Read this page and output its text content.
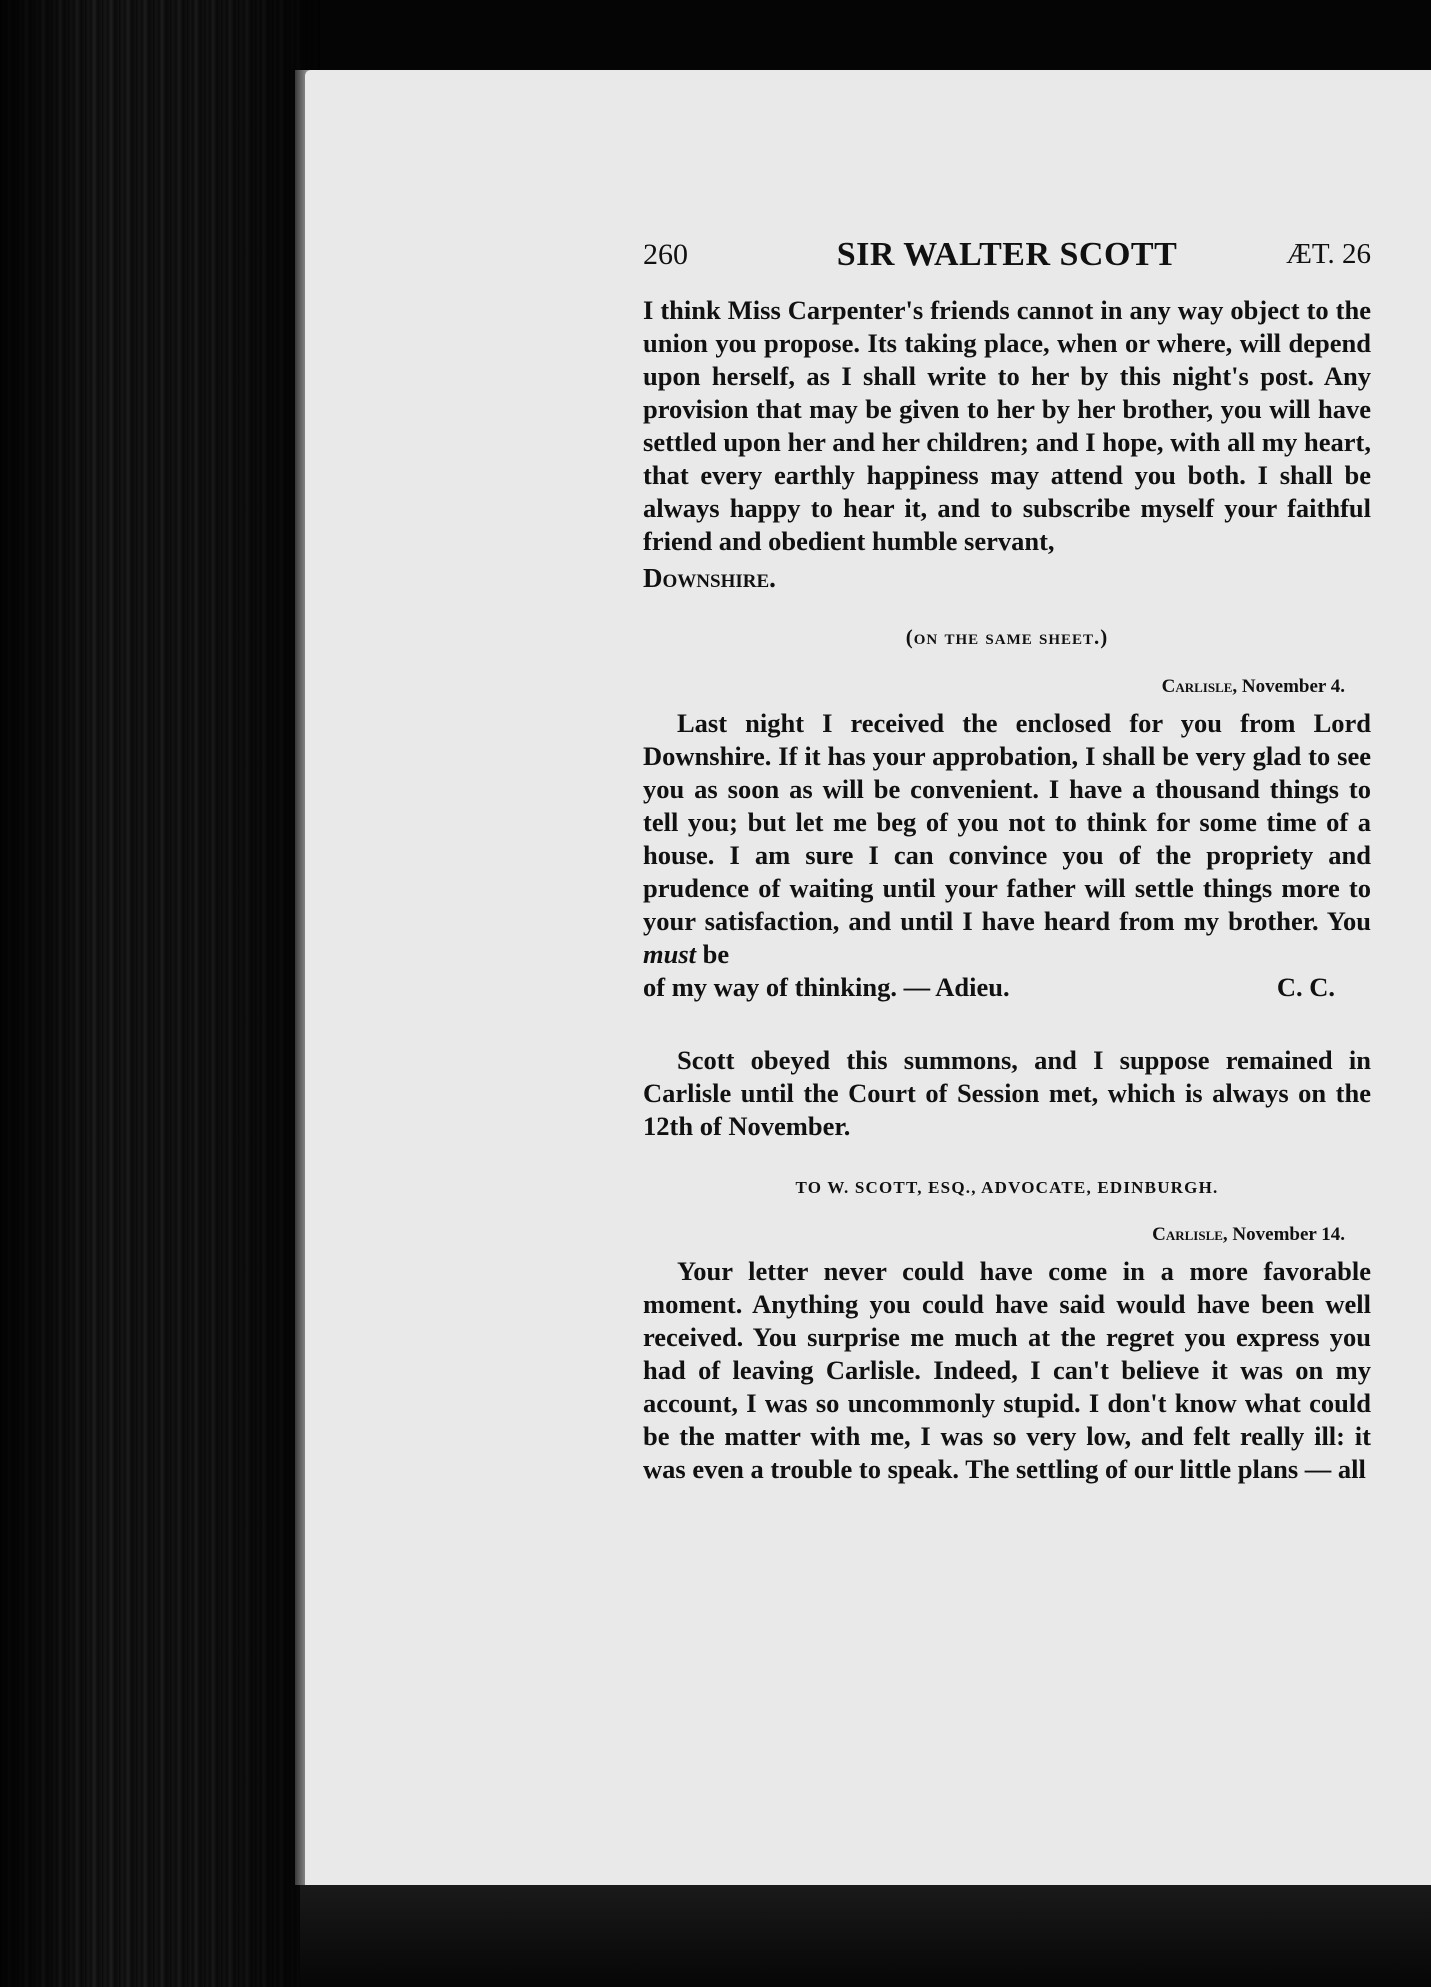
260	SIR WALTER SCOTT	ÆT. 26

I think Miss Carpenter's friends cannot in any way object to the union you propose. Its taking place, when or where, will depend upon herself, as I shall write to her by this night's post. Any provision that may be given to her by her brother, you will have settled upon her and her children; and I hope, with all my heart, that every earthly happiness may attend you both. I shall be always happy to hear it, and to subscribe myself your faithful friend and obedient humble servant,

Downshire.

(on the same sheet.)
Carlisle, November 4.

Last night I received the enclosed for you from Lord Downshire. If it has your approbation, I shall be very glad to see you as soon as will be convenient. I have a thousand things to tell you; but let me beg of you not to think for some time of a house. I am sure I can convince you of the propriety and prudence of waiting until your father will settle things more to your satisfaction, and until I have heard from my brother. You must be

of my way of thinking. — Adieu.	C. C.

Scott obeyed this summons, and I suppose remained in Carlisle until the Court of Session met, which is always on the 12th of November.

TO W. SCOTT, ESQ., ADVOCATE, EDINBURGH.
Carlisle, November 14.

Your letter never could have come in a more favorable moment. Anything you could have said would have been well received. You surprise me much at the regret you express you had of leaving Carlisle. Indeed, I can't believe it was on my account, I was so uncommonly stupid. I don't know what could be the matter with me, I was so very low, and felt really ill: it was even a trouble to speak. The settling of our little plans — all
